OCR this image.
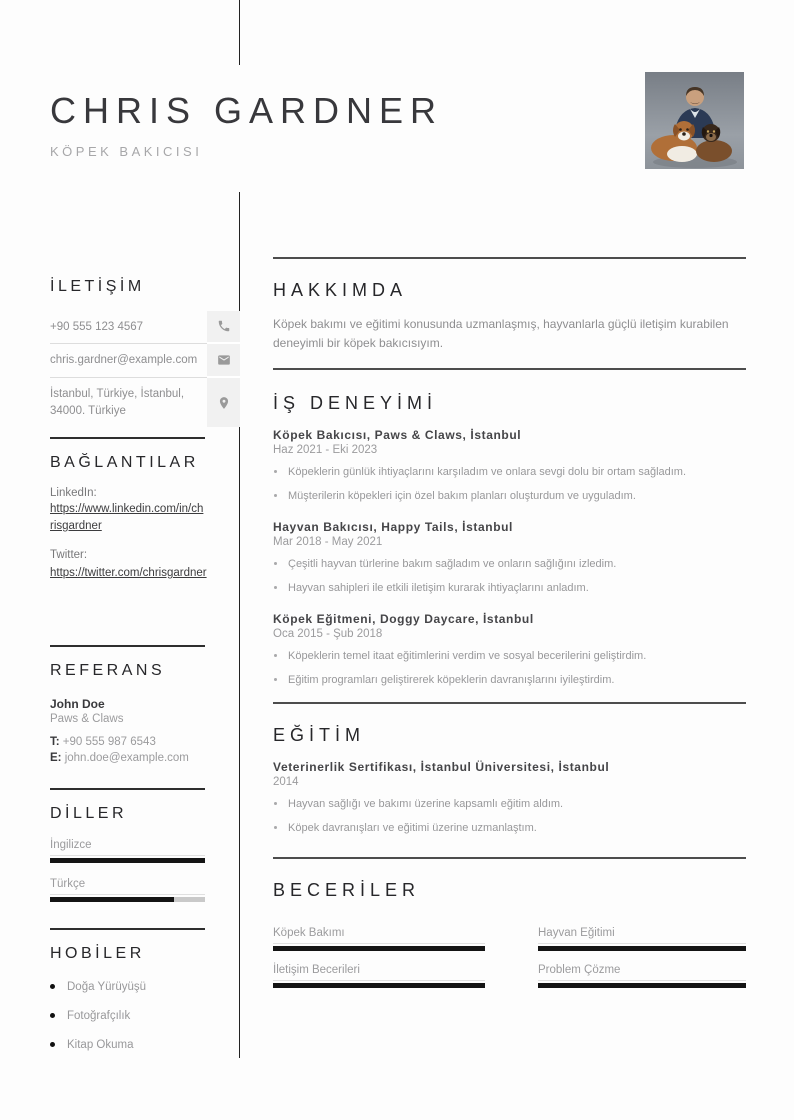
CHRIS GARDNER
KÖPEK BAKICISI
İLETİŞİM
+90 555 123 4567
chris.gardner@example.com
İstanbul, Türkiye, İstanbul, 34000. Türkiye
BAĞLANTILAR
LinkedIn:
https://www.linkedin.com/in/chrisgardner
Twitter:
https://twitter.com/chrisgardner
REFERANS
John Doe
Paws & Claws
T: +90 555 987 6543
E: john.doe@example.com
DİLLER
İngilizce
Türkçe
HOBİLER
Doğa Yürüyüşü
Fotoğrafçılık
Kitap Okuma
HAKKIMDA
Köpek bakımı ve eğitimi konusunda uzmanlaşmış, hayvanlarla güçlü iletişim kurabilen deneyimli bir köpek bakıcısıyım.
İŞ DENEYİMİ
Köpek Bakıcısı, Paws & Claws, İstanbul
Haz 2021 - Eki 2023
Köpeklerin günlük ihtiyaçlarını karşıladım ve onlara sevgi dolu bir ortam sağladım.
Müşterilerin köpekleri için özel bakım planları oluşturdum ve uyguladım.
Hayvan Bakıcısı, Happy Tails, İstanbul
Mar 2018 - May 2021
Çeşitli hayvan türlerine bakım sağladım ve onların sağlığını izledim.
Hayvan sahipleri ile etkili iletişim kurarak ihtiyaçlarını anladım.
Köpek Eğitmeni, Doggy Daycare, İstanbul
Oca 2015 - Şub 2018
Köpeklerin temel itaat eğitimlerini verdim ve sosyal becerilerini geliştirdim.
Eğitim programları geliştirerek köpeklerin davranışlarını iyileştirdim.
EĞİTİM
Veterinerlik Sertifikası, İstanbul Üniversitesi, İstanbul
2014
Hayvan sağlığı ve bakımı üzerine kapsamlı eğitim aldım.
Köpek davranışları ve eğitimi üzerine uzmanlaştım.
BECERİLER
Köpek Bakımı	Hayvan Eğitimi
İletişim Becerileri	Problem Çözme
